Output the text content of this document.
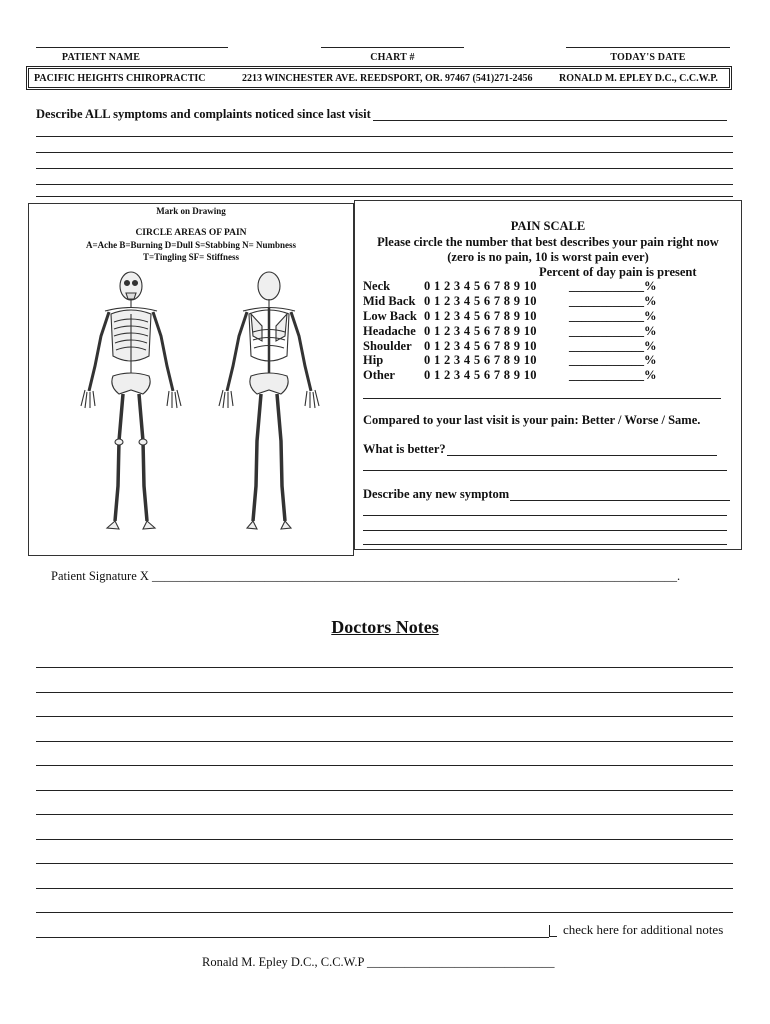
PATIENT NAME	CHART #	TODAY'S DATE
PACIFIC HEIGHTS CHIROPRACTIC	2213 WINCHESTER AVE. REEDSPORT, OR. 97467 (541)271-2456	RONALD M. EPLEY D.C., C.C.W.P.
Describe ALL symptoms and complaints noticed since last visit
Mark on Drawing
CIRCLE AREAS OF PAIN
A=Ache B=Burning D=Dull S=Stabbing N= Numbness
T=Tingling SF= Stiffness
PAIN SCALE
Please circle the number that best describes your pain right now
(zero is no pain, 10 is worst pain ever)
Percent of day pain is present
Neck	0 1 2 3 4 5 6 7 8 9 10	____________%
Mid Back 0 1 2 3 4 5 6 7 8 9 10	____________%
Low Back 0 1 2 3 4 5 6 7 8 9 10	____________%
Headache 0 1 2 3 4 5 6 7 8 9 10	____________%
Shoulder 0 1 2 3 4 5 6 7 8 9 10	____________%
Hip	0 1 2 3 4 5 6 7 8 9 10	____________%
Other 0 1 2 3 4 5 6 7 8 9 10	____________%
Compared to your last visit is your pain: Better / Worse / Same.
What is better?
Describe any new symptom
Patient Signature X ____________________________________________________________________________________.
Doctors Notes
check here for additional notes
Ronald M. Epley D.C., C.C.W.P ______________________________
